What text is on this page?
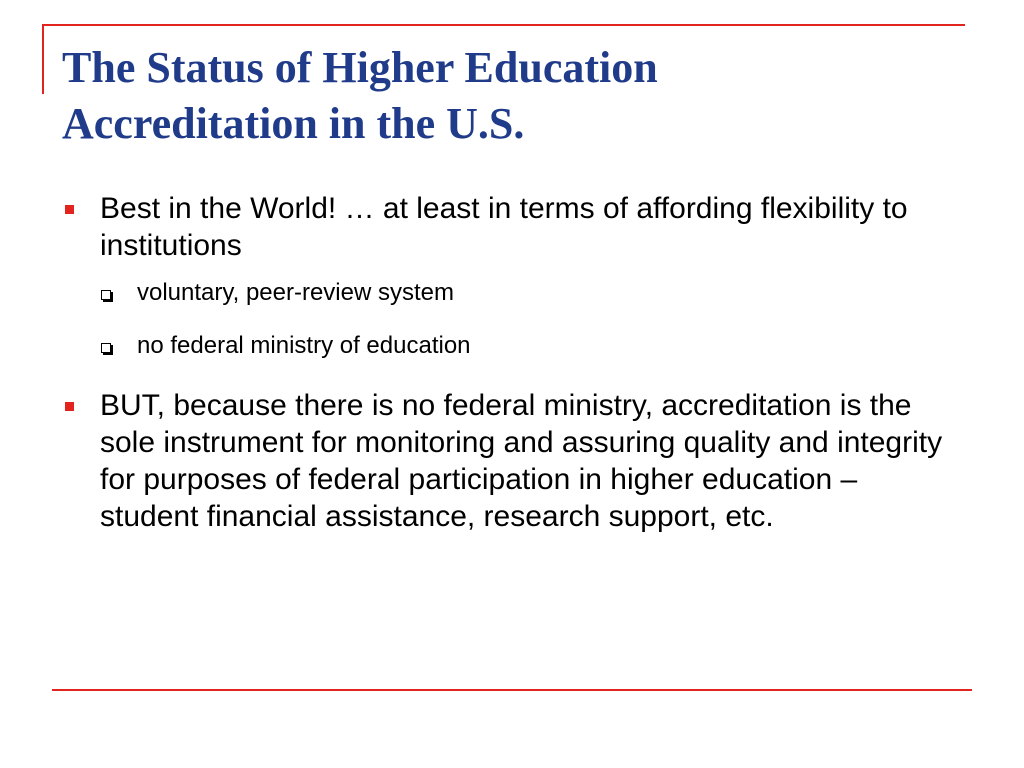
The Status of Higher Education
Accreditation in the U.S.
Best in the World! … at least in terms of affording flexibility to institutions
voluntary, peer-review system
no federal ministry of education
BUT, because there is no federal ministry, accreditation is the sole instrument for monitoring and assuring quality and integrity for purposes of federal participation in higher education – student financial assistance, research support, etc.
